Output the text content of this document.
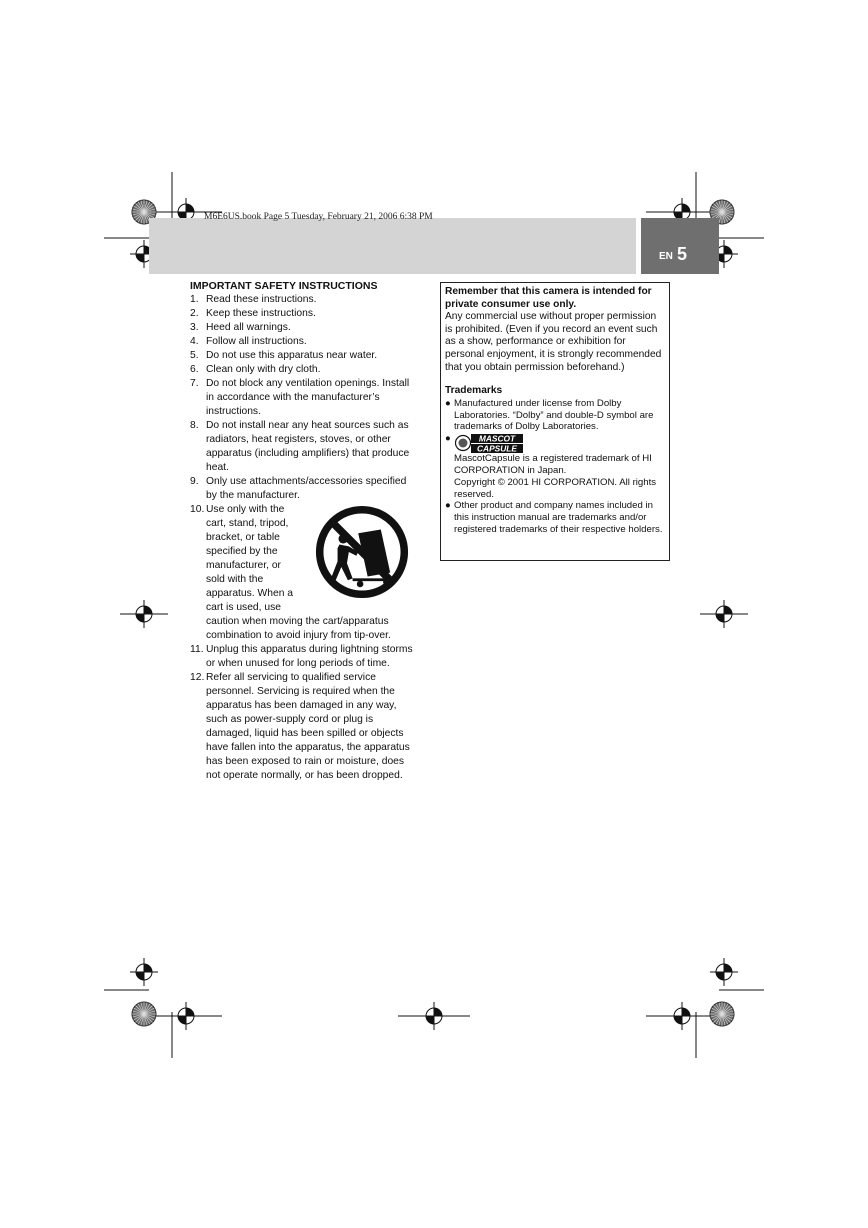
M6E6US.book Page 5 Tuesday, February 21, 2006 6:38 PM
EN 5
IMPORTANT SAFETY INSTRUCTIONS
1. Read these instructions.
2. Keep these instructions.
3. Heed all warnings.
4. Follow all instructions.
5. Do not use this apparatus near water.
6. Clean only with dry cloth.
7. Do not block any ventilation openings. Install in accordance with the manufacturer’s instructions.
8. Do not install near any heat sources such as radiators, heat registers, stoves, or other apparatus (including amplifiers) that produce heat.
9. Only use attachments/accessories specified by the manufacturer.
10. Use only with the cart, stand, tripod, bracket, or table specified by the manufacturer, or sold with the apparatus. When a cart is used, use
caution when moving the cart/apparatus combination to avoid injury from tip-over.
11. Unplug this apparatus during lightning storms or when unused for long periods of time.
12. Refer all servicing to qualified service personnel. Servicing is required when the apparatus has been damaged in any way, such as power-supply cord or plug is damaged, liquid has been spilled or objects have fallen into the apparatus, the apparatus has been exposed to rain or moisture, does not operate normally, or has been dropped.
Remember that this camera is intended for private consumer use only.
Any commercial use without proper permission is prohibited. (Even if you record an event such as a show, performance or exhibition for personal enjoyment, it is strongly recommended that you obtain permission beforehand.)
Trademarks
● Manufactured under license from Dolby Laboratories. “Dolby” and double-D symbol are trademarks of Dolby Laboratories.
●	MASCOT
CAPSULE
MascotCapsule is a registered trademark of HI CORPORATION in Japan.
Copyright © 2001 HI CORPORATION. All rights reserved.
● Other product and company names included in this instruction manual are trademarks and/or registered trademarks of their respective holders.
